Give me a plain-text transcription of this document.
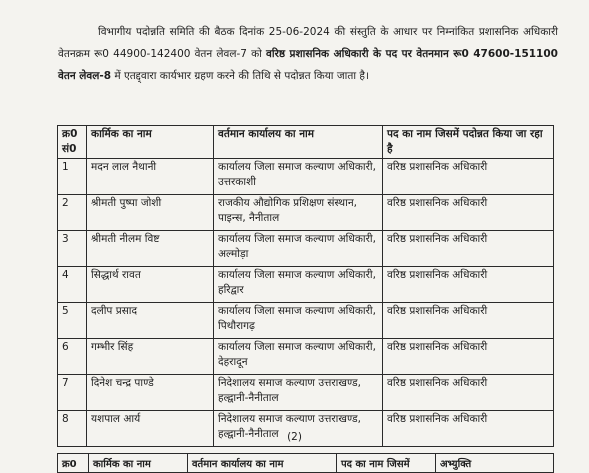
विभागीय पदोन्नति समिति की बैठक दिनांक 25-06-2024 की संस्तुति के आधार पर निम्नांकित प्रशासनिक अधिकारी वेतनक्रम रू0 44900-142400 वेतन लेवल-7 को वरिष्ठ प्रशासनिक अधिकारी के पद पर वेतनमान रू0 47600-151100 वेतन लेवल-8 में एतद्द्वारा कार्यभार ग्रहण करने की तिथि से पदोन्नत किया जाता है।

क्र0 सं0	कार्मिक का नाम	वर्तमान कार्यालय का नाम	पद का नाम जिसमें पदोन्नत किया जा रहा है
1	मदन लाल नैथानी	कार्यालय जिला समाज कल्याण अधिकारी, उत्तरकाशी	वरिष्ठ प्रशासनिक अधिकारी
2	श्रीमती पुष्पा जोशी	राजकीय औद्योगिक प्रशिक्षण संस्थान, पाइन्स, नैनीताल	वरिष्ठ प्रशासनिक अधिकारी
3	श्रीमती नीलम विष्ट	कार्यालय जिला समाज कल्याण अधिकारी, अल्मोड़ा	वरिष्ठ प्रशासनिक अधिकारी
4	सिद्धार्थ रावत	कार्यालय जिला समाज कल्याण अधिकारी, हरिद्वार	वरिष्ठ प्रशासनिक अधिकारी
5	दलीप प्रसाद	कार्यालय जिला समाज कल्याण अधिकारी, पिथौरागढ़	वरिष्ठ प्रशासनिक अधिकारी
6	गम्भीर सिंह	कार्यालय जिला समाज कल्याण अधिकारी, देहरादून	वरिष्ठ प्रशासनिक अधिकारी
7	दिनेश चन्द्र पाण्डे	निदेशालय समाज कल्याण उत्तराखण्ड, हल्द्वानी-नैनीताल	वरिष्ठ प्रशासनिक अधिकारी
8	यशपाल आर्य	निदेशालय समाज कल्याण उत्तराखण्ड, हल्द्वानी-नैनीताल	वरिष्ठ प्रशासनिक अधिकारी
(2)
क्र0	कार्मिक का नाम	वर्तमान कार्यालय का नाम	पद का नाम जिसमें	अभ्युक्ति
